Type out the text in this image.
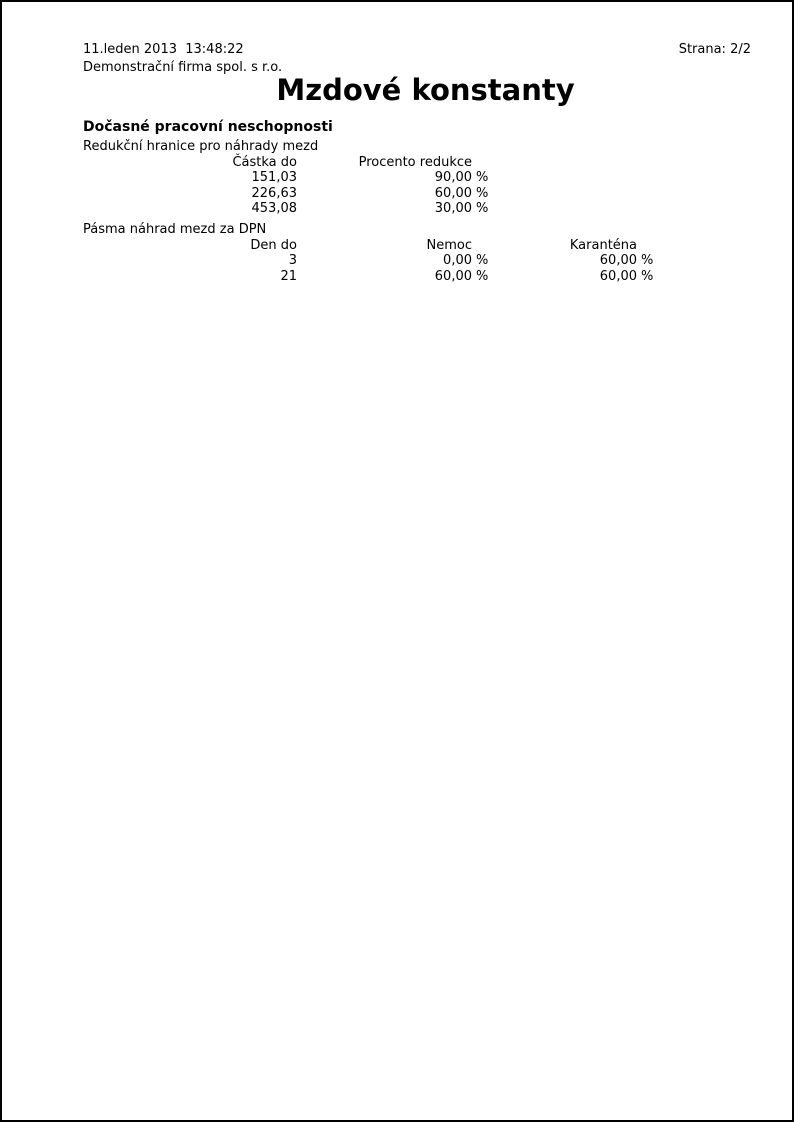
11.leden 2013  13:48:22	Strana: 2/2
Demonstrační firma spol. s r.o.
Mzdové konstanty
Dočasné pracovní neschopnosti
Redukční hranice pro náhrady mezd
Částka do	Procento redukce
151,03	90,00 %
226,63	60,00 %
453,08	30,00 %
Pásma náhrad mezd za DPN
Den do	Nemoc	Karanténa
3	0,00 %	60,00 %
21	60,00 %	60,00 %
